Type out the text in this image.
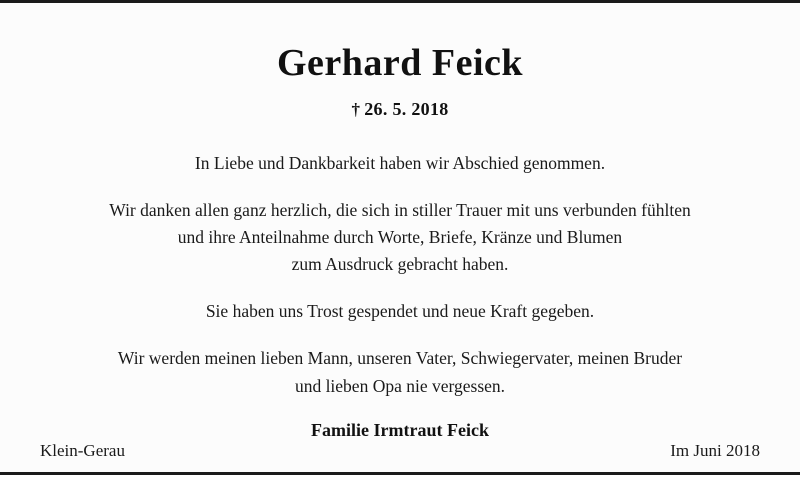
Gerhard Feick
† 26. 5. 2018

In Liebe und Dankbarkeit haben wir Abschied genommen.

Wir danken allen ganz herzlich, die sich in stiller Trauer mit uns verbunden fühlten
und ihre Anteilnahme durch Worte, Briefe, Kränze und Blumen
zum Ausdruck gebracht haben.

Sie haben uns Trost gespendet und neue Kraft gegeben.

Wir werden meinen lieben Mann, unseren Vater, Schwiegervater, meinen Bruder
und lieben Opa nie vergessen.

Familie Irmtraut Feick
Klein-Gerau	Im Juni 2018
